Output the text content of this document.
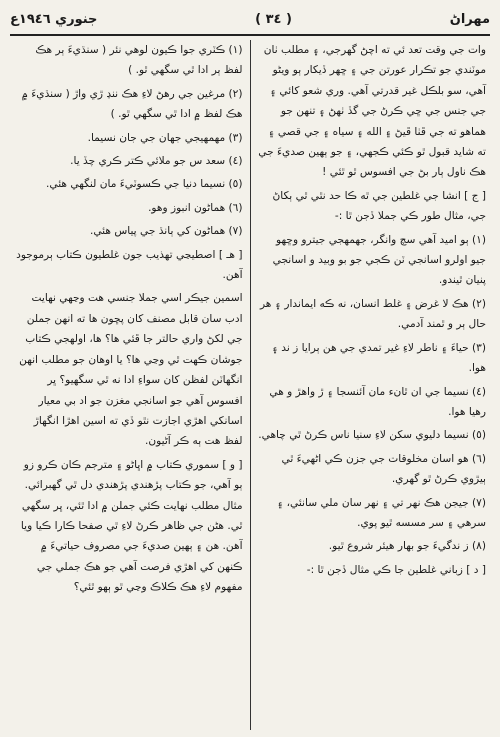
جنوري ١٩٤٦ع	( ٣٤ )	مهراڻ

وات جي وقت تعد ئي ته اچڻ گهرجي، ۽ مطلب ٺان موٽندي جو تڪرار عورتن جي ۽ ڇهر ڏيکار ٻو ويڻو آهي، سو بلڪل غير قدرتي آهي. وري شعو کائي ۽ جي جنس جي ڇي ڪرڻ جي گڏ ٺهڻ ۽ تنهن جو هماهو ته جي ڦٺا ڦيڻ ۽ الله ۽ سياه ۽ جي قصي ۽ ته شايد قبول ٿو ڪئي ڪجهي، ۽ جو ٻهين صديءَ جي هڪ ناول ٻار بڻ جي افسوس ٿو ٿئي !

[ ج ] انشا جي غلطين جي ٿه ڪا حد نٿي ٿي ٻکاڻ جي، مثال طور ڪي جملا ڏجن ٿا :-

(١) ٻو اميد آهي سچ وانگر، جهمهجي جيترو وڇهو جيو اولرو اسانجي ٽن ڪجي جو بو وبيد و اسانجي پنيان ٿيندو.

(٢) هڪ لا غرض ۽ غلط انسان، نه ڪه ايماندار ۽ هر حال ٻر و ٿمند آدمي.

(٣) حياءَ ۽ ناطر لاءِ غير تمدي جي هن ٻرايا ز ند ۽ هوا.

(٤) نسيما جي ان ٿانء مان آئنسجا ۽ ڙ واهڙ و هي رهيا هوا.

(٥) نسيما دليوي سکن لاءِ سنيا ناس ڪرڻ ٿي چاهي.

(٦) هو اسان مخلوقات جي جزن ڪي اڻهيءَ ٿي ٻيڙوي ڪرڻ ٿو گهري.

(٧) جيجن هڪ نهر تي ۽ نهر سان ملي سانئي، ۽ سرهي ۽ سر مسسه ٿيو پوي.

(٨) ز ندگيءَ جو بهار هيئر شروع ٿيو.

[ د ] زباني غلطين جا ڪي مثال ڏجن ٿا :-

(١) ڪٽري جوا ڪيون لوهي نئر ( سنڌيءَ ٻر هڪ لفظ ٻر ادا ٿي سگهي ٿو. )

(٢) مرغين جي رهڻ لاءِ هڪ ننڍ ڙي واڙ ( سنڌيءَ ۾ هڪ لفظ ۾ ادا ٿي سگهي ٿو. )

(٣) مهمهيجي جهان جي جان نسيما.

(٤) سعد س جو ملائي ڪتر ڪري چڏ يا.

(٥) نسيما دنيا جي ڪسوٽيءَ مان لنگهي هئي.

(٦) هماڻون انبوز وهو.

(٧) هماڻون کي ٻانڌ جي پياس هئي.

[ هـ ] اصطيڃي تهذيب جون غلطيون ڪتاب ٻرموجود آهن.

اسمين جيڪر اسي جملا جنسي هت وڃهي نهايت ادب سان قابل مصنف کان پڇون ها ته انهن جملن جي لکڻ واري حالتر جا ڦئي ها؟ ها، اولهجي ڪتاب جوشان ڪهت ٿي وڃي ها؟ يا اوهان جو مطلب انهن انگهاٽن لفظن کان سواءِ ادا نه ٿي سگهيو؟ ڀر افسوس آهي جو اسانجي مغزن جو اد بي معيار اسانکي اهڙي اجازت نٿو ڏي ته اسين اهڙا انگهاڙ لفظ هت ٻه ڪر آڻيون.

[ و ] سموري ڪتاب ۾ اڀاڻو ۽ مترجم ڪان ڪرو زو ٻو آهي، جو ڪتاب پڙهندي پڙهندي دل ٿي گهبرائي. مثال مطلب نهايت ڪئي جملن ۾ ادا ٿئي، ڀر سگهي ٿي. هڻن جي ظاهر ڪرڻ لاءِ ٿي صفحا ڪارا ڪيا ويا آهن. هن ۽ ٻهين صديءَ جي مصروف حياتيءَ ۾ ڪنهن کي اهڙي فرصت آهي جو هڪ جملي جي مفهوم لاءِ هڪ ڪلاڪ وڃي ٿو ٻهو ٿئي؟
